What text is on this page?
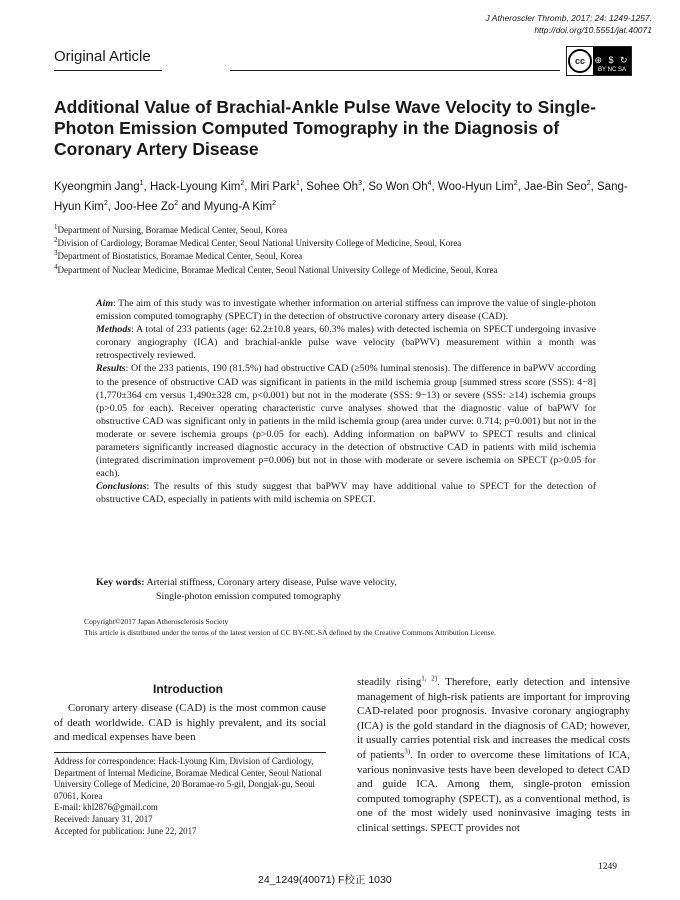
J Atheroscler Thromb, 2017; 24: 1249-1257.
http://doi.org/10.5551/jat.40071
Original Article	cc	⊕ $ ↻
BY NC SA
Additional Value of Brachial-Ankle Pulse Wave Velocity to Single-Photon Emission Computed Tomography in the Diagnosis of Coronary Artery Disease
Kyeongmin Jang$^1$, Hack-Lyoung Kim$^2$, Miri Park$^1$, Sohee Oh$^3$, So Won Oh$^4$, Woo-Hyun Lim$^2$, Jae-Bin Seo$^2$, Sang-Hyun Kim$^2$, Joo-Hee Zo$^2$ and Myung-A Kim$^2$
$^1$Department of Nursing, Boramae Medical Center, Seoul, Korea
$^2$Division of Cardiology, Boramae Medical Center, Seoul National University College of Medicine, Seoul, Korea
$^3$Department of Biostatistics, Boramae Medical Center, Seoul, Korea
$^4$Department of Nuclear Medicine, Boramae Medical Center, Seoul National University College of Medicine, Seoul, Korea
Aim: The aim of this study was to investigate whether information on arterial stiffness can improve the value of single-photon emission computed tomography (SPECT) in the detection of obstructive coronary artery disease (CAD).
Methods: A total of 233 patients (age: 62.2±10.8 years, 60.3% males) with detected ischemia on SPECT undergoing invasive coronary angiography (ICA) and brachial-ankle pulse wave velocity (baPWV) measurement within a month was retrospectively reviewed.
Results: Of the 233 patients, 190 (81.5%) had obstructive CAD (≥50% luminal stenosis). The difference in baPWV according to the presence of obstructive CAD was significant in patients in the mild ischemia group [summed stress score (SSS): 4−8] (1,770±364 cm versus 1,490±328 cm, p<0.001) but not in the moderate (SSS: 9−13) or severe (SSS: ≥14) ischemia groups (p>0.05 for each). Receiver operating characteristic curve analyses showed that the diagnostic value of baPWV for obstructive CAD was significant only in patients in the mild ischemia group (area under curve: 0.714; p=0.001) but not in the moderate or severe ischemia groups (p>0.05 for each). Adding information on baPWV to SPECT results and clinical parameters significantly increased diagnostic accuracy in the detection of obstructive CAD in patients with mild ischemia (integrated discrimination improvement p=0.006) but not in those with moderate or severe ischemia on SPECT (p>0.05 for each).
Conclusions: The results of this study suggest that baPWV may have additional value to SPECT for the detection of obstructive CAD, especially in patients with mild ischemia on SPECT.
Key words: Arterial stiffness, Coronary artery disease, Pulse wave velocity,
Single-photon emission computed tomography
Copyright©2017 Japan Atherosclerosis Society
This article is distributed under the terms of the latest version of CC BY-NC-SA defined by the Creative Commons Attribution License.
Introduction

Coronary artery disease (CAD) is the most common cause of death worldwide. CAD is highly prevalent, and its social and medical expenses have been

Address for correspondence: Hack-Lyoung Kim, Division of Cardiology, Department of Internal Medicine, Boramae Medical Center, Seoul National University College of Medicine, 20 Boramae-ro 5-gil, Dongjak-gu, Seoul 07061, Korea
E-mail: khl2876@gmail.com
Received: January 31, 2017
Accepted for publication: June 22, 2017

steadily rising$^{1, 2)}$. Therefore, early detection and intensive management of high-risk patients are important for improving CAD-related poor prognosis. Invasive coronary angiography (ICA) is the gold standard in the diagnosis of CAD; however, it usually carries potential risk and increases the medical costs of patients$^{3)}$. In order to overcome these limitations of ICA, various noninvasive tests have been developed to detect CAD and guide ICA. Among them, single-proton emission computed tomography (SPECT), as a conventional method, is one of the most widely used noninvasive imaging tests in clinical settings. SPECT provides not

1249
24_1249(40071) F校正 1030
